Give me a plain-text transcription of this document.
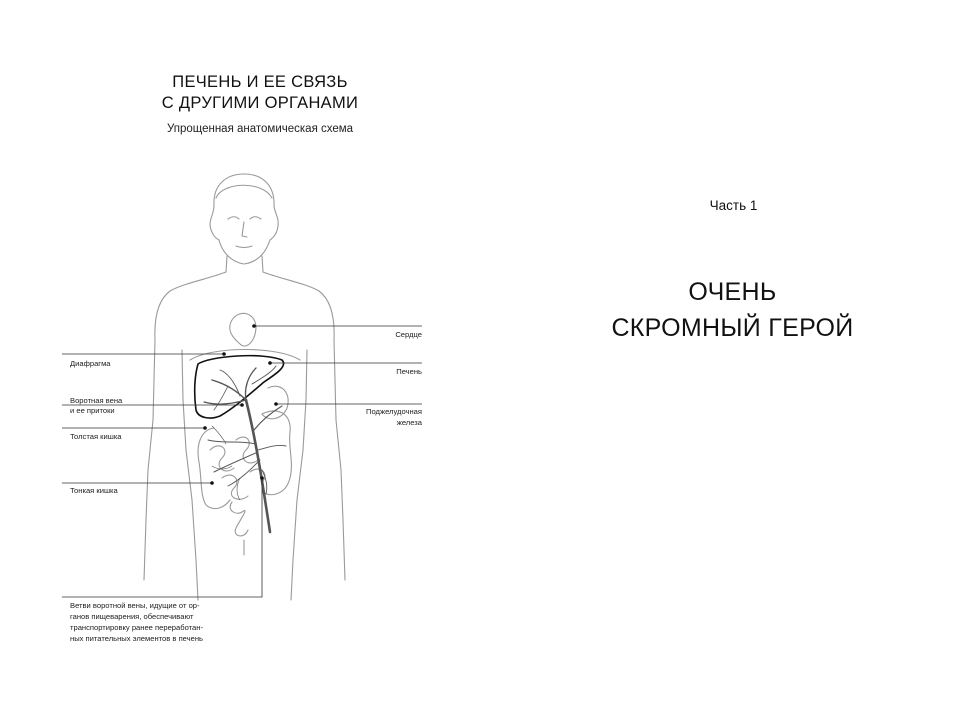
ПЕЧЕНЬ И ЕЕ СВЯЗЬ
С ДРУГИМИ ОРГАНАМИ
Упрощенная анатомическая схема
Сердце
Печень
Поджелудочная
железа
Диафрагма
Воротная вена
и ее притоки
Толстая кишка
Тонкая кишка
Ветви воротной вены, идущие от ор-
ганов пищеварения, обеспечивают
транспортировку ранее переработан-
ных питательных элементов в печень
Часть 1
ОЧЕНЬ
СКРОМНЫЙ ГЕРОЙ
